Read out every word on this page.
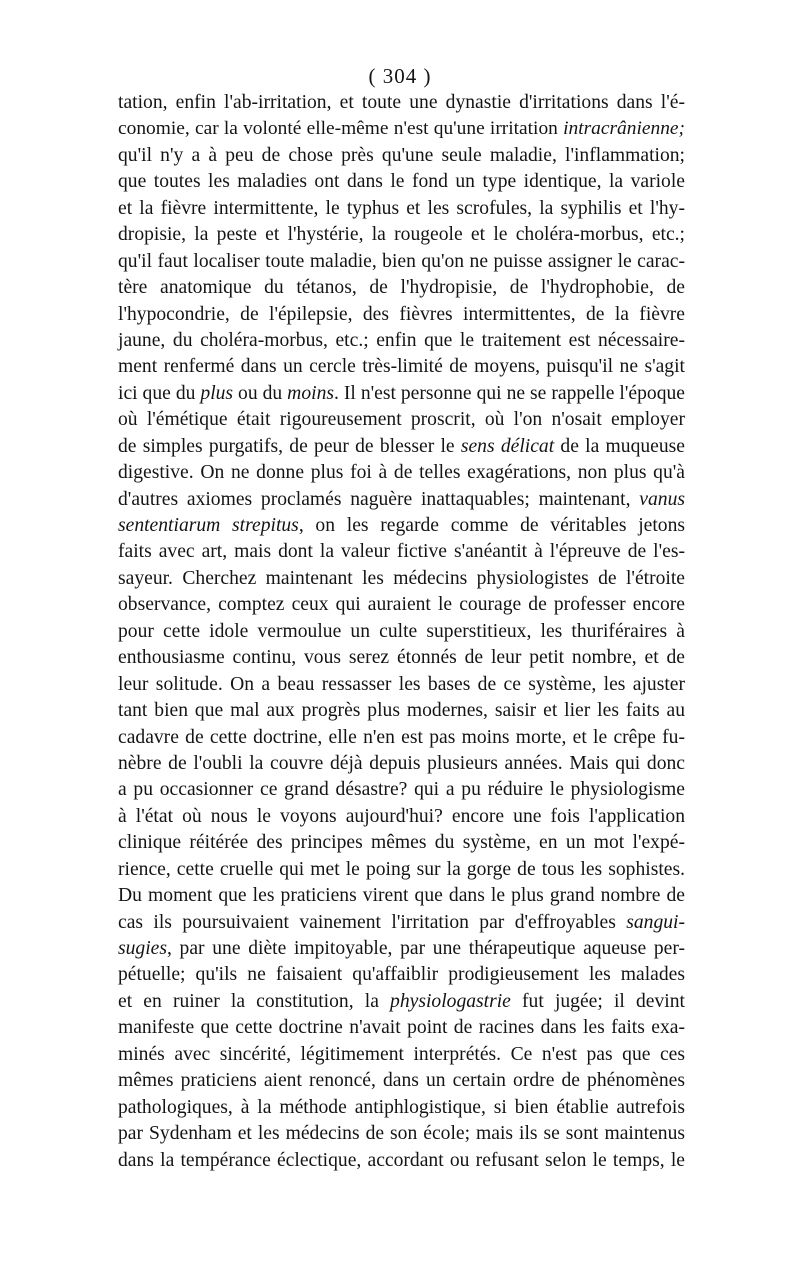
( 304 )
tation, enfin l'ab-irritation, et toute une dynastie d'irritations dans l'é-
conomie, car la volonté elle-même n'est qu'une irritation intracrânienne;
qu'il n'y a à peu de chose près qu'une seule maladie, l'inflammation;
que toutes les maladies ont dans le fond un type identique, la variole
et la fièvre intermittente, le typhus et les scrofules, la syphilis et l'hy-
dropisie, la peste et l'hystérie, la rougeole et le choléra-morbus, etc.;
qu'il faut localiser toute maladie, bien qu'on ne puisse assigner le carac-
tère anatomique du tétanos, de l'hydropisie, de l'hydrophobie, de
l'hypocondrie, de l'épilepsie, des fièvres intermittentes, de la fièvre
jaune, du choléra-morbus, etc.; enfin que le traitement est nécessaire-
ment renfermé dans un cercle très-limité de moyens, puisqu'il ne s'agit
ici que du plus ou du moins. Il n'est personne qui ne se rappelle l'époque
où l'émétique était rigoureusement proscrit, où l'on n'osait employer
de simples purgatifs, de peur de blesser le sens délicat de la muqueuse
digestive. On ne donne plus foi à de telles exagérations, non plus qu'à
d'autres axiomes proclamés naguère inattaquables; maintenant, vanus
sententiarum strepitus, on les regarde comme de véritables jetons
faits avec art, mais dont la valeur fictive s'anéantit à l'épreuve de l'es-
sayeur. Cherchez maintenant les médecins physiologistes de l'étroite
observance, comptez ceux qui auraient le courage de professer encore
pour cette idole vermoulue un culte superstitieux, les thuriféraires à
enthousiasme continu, vous serez étonnés de leur petit nombre, et de
leur solitude. On a beau ressasser les bases de ce système, les ajuster
tant bien que mal aux progrès plus modernes, saisir et lier les faits au
cadavre de cette doctrine, elle n'en est pas moins morte, et le crêpe fu-
nèbre de l'oubli la couvre déjà depuis plusieurs années. Mais qui donc
a pu occasionner ce grand désastre? qui a pu réduire le physiologisme
à l'état où nous le voyons aujourd'hui? encore une fois l'application
clinique réitérée des principes mêmes du système, en un mot l'expé-
rience, cette cruelle qui met le poing sur la gorge de tous les sophistes.
Du moment que les praticiens virent que dans le plus grand nombre de
cas ils poursuivaient vainement l'irritation par d'effroyables sangui-
sugies, par une diète impitoyable, par une thérapeutique aqueuse per-
pétuelle; qu'ils ne faisaient qu'affaiblir prodigieusement les malades
et en ruiner la constitution, la physiologastrie fut jugée; il devint
manifeste que cette doctrine n'avait point de racines dans les faits exa-
minés avec sincérité, légitimement interprétés. Ce n'est pas que ces
mêmes praticiens aient renoncé, dans un certain ordre de phénomènes
pathologiques, à la méthode antiphlogistique, si bien établie autrefois
par Sydenham et les médecins de son école; mais ils se sont maintenus
dans la tempérance éclectique, accordant ou refusant selon le temps, le
